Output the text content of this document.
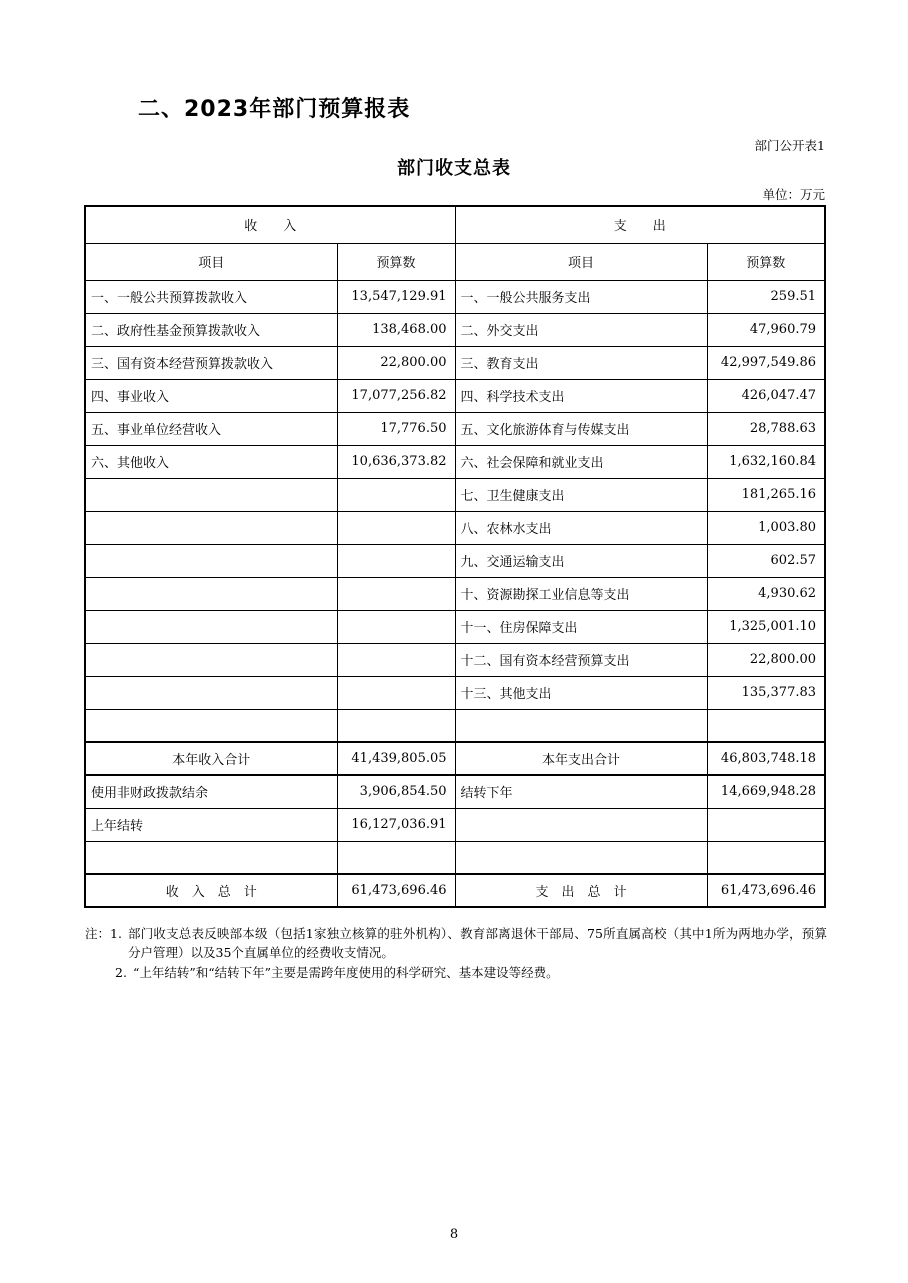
二、2023年部门预算报表
部门公开表1
部门收支总表
单位：万元
收　　入		支　　出	
项目	预算数	项目	预算数
一、一般公共预算拨款收入	13,547,129.91	一、一般公共服务支出	259.51
二、政府性基金预算拨款收入	138,468.00	二、外交支出	47,960.79
三、国有资本经营预算拨款收入	22,800.00	三、教育支出	42,997,549.86
四、事业收入	17,077,256.82	四、科学技术支出	426,047.47
五、事业单位经营收入	17,776.50	五、文化旅游体育与传媒支出	28,788.63
六、其他收入	10,636,373.82	六、社会保障和就业支出	1,632,160.84
		七、卫生健康支出	181,265.16
		八、农林水支出	1,003.80
		九、交通运输支出	602.57
		十、资源勘探工业信息等支出	4,930.62
		十一、住房保障支出	1,325,001.10
		十二、国有资本经营预算支出	22,800.00
		十三、其他支出	135,377.83

本年收入合计	41,439,805.05	本年支出合计	46,803,748.18
使用非财政拨款结余	3,906,854.50	结转下年	14,669,948.28
上年结转	16,127,036.91		

收　入　总　计	61,473,696.46	支　出　总　计	61,473,696.46
注： 1. 部门收支总表反映部本级（包括1家独立核算的驻外机构）、教育部离退休干部局、75所直属高校（其中1所为两地办学，预算分户管理）以及35个直属单位的经费收支情况。
2. “上年结转”和“结转下年”主要是需跨年度使用的科学研究、基本建设等经费。
8
